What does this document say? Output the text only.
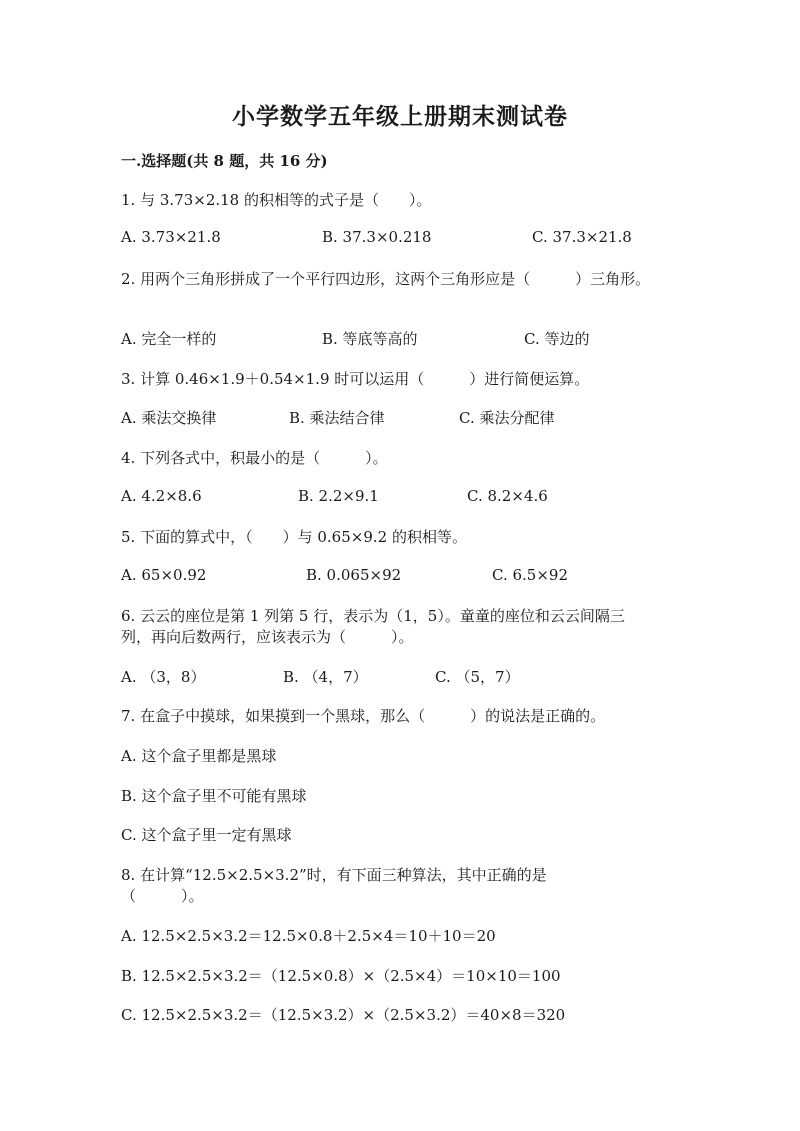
小学数学五年级上册期末测试卷
一.选择题(共 8 题，共 16 分)
1. 与 3.73×2.18 的积相等的式子是（　　）。
A. 3.73×21.8	B. 37.3×0.218	C. 37.3×21.8
2. 用两个三角形拼成了一个平行四边形，这两个三角形应是（　　　）三角形。
A. 完全一样的	B. 等底等高的	C. 等边的
3. 计算 0.46×1.9＋0.54×1.9 时可以运用（　　　）进行简便运算。
A. 乘法交换律	B. 乘法结合律	C. 乘法分配律
4. 下列各式中，积最小的是（　　　）。
A. 4.2×8.6	B. 2.2×9.1	C. 8.2×4.6
5. 下面的算式中，（　　）与 0.65×9.2 的积相等。
A. 65×0.92	B. 0.065×92	C. 6.5×92
6. 云云的座位是第 1 列第 5 行，表示为（1，5）。童童的座位和云云间隔三
列，再向后数两行，应该表示为（　　　）。
A. （3，8）	B. （4，7）	C. （5，7）
7. 在盒子中摸球，如果摸到一个黑球，那么（　　　）的说法是正确的。
A. 这个盒子里都是黑球
B. 这个盒子里不可能有黑球
C. 这个盒子里一定有黑球
8. 在计算“12.5×2.5×3.2”时，有下面三种算法，其中正确的是
（　　　）。
A. 12.5×2.5×3.2＝12.5×0.8＋2.5×4＝10＋10＝20
B. 12.5×2.5×3.2＝（12.5×0.8）×（2.5×4）＝10×10＝100
C. 12.5×2.5×3.2＝（12.5×3.2）×（2.5×3.2）＝40×8＝320
